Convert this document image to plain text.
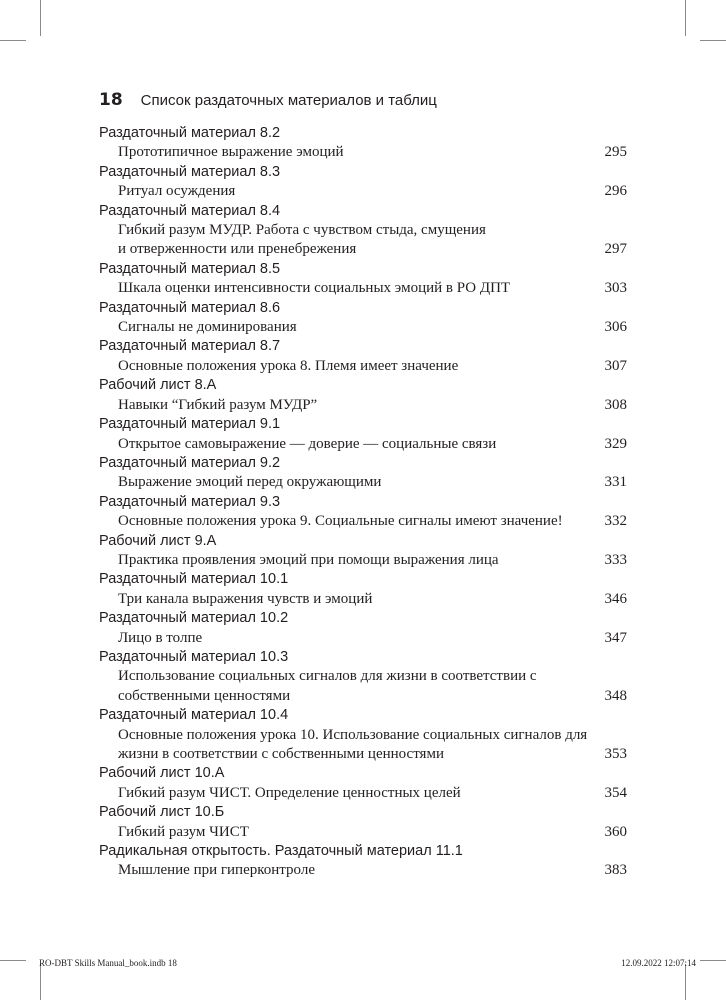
18 Список раздаточных материалов и таблиц
Раздаточный материал 8.2
Прототипичное выражение эмоций	295
Раздаточный материал 8.3
Ритуал осуждения	296
Раздаточный материал 8.4
Гибкий разум МУДР. Работа с чувством стыда, смущения
и отверженности или пренебрежения	297
Раздаточный материал 8.5
Шкала оценки интенсивности социальных эмоций в РО ДПТ	303
Раздаточный материал 8.6
Сигналы не доминирования	306
Раздаточный материал 8.7
Основные положения урока 8. Племя имеет значение	307
Рабочий лист 8.А
Навыки “Гибкий разум МУДР”	308
Раздаточный материал 9.1
Открытое самовыражение — доверие — социальные связи	329
Раздаточный материал 9.2
Выражение эмоций перед окружающими	331
Раздаточный материал 9.3
Основные положения урока 9. Социальные сигналы имеют значение!	332
Рабочий лист 9.А
Практика проявления эмоций при помощи выражения лица	333
Раздаточный материал 10.1
Три канала выражения чувств и эмоций	346
Раздаточный материал 10.2
Лицо в толпе	347
Раздаточный материал 10.3
Использование социальных сигналов для жизни в соответствии с
собственными ценностями	348
Раздаточный материал 10.4
Основные положения урока 10. Использование социальных сигналов для
жизни в соответствии с собственными ценностями	353
Рабочий лист 10.А
Гибкий разум ЧИСТ. Определение ценностных целей	354
Рабочий лист 10.Б
Гибкий разум ЧИСТ	360
Радикальная открытость. Раздаточный материал 11.1
Мышление при гиперконтроле	383
RO-DBT Skills Manual_book.indb 18	12.09.2022 12:07:14
